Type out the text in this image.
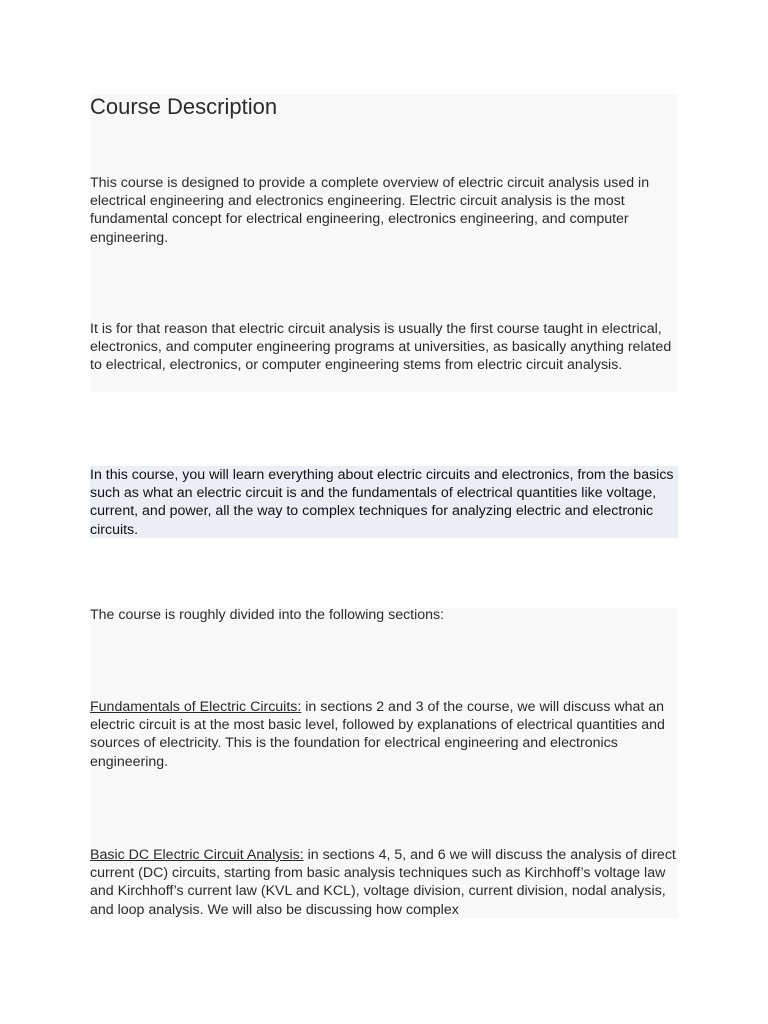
Course Description

This course is designed to provide a complete overview of electric circuit analysis used in electrical engineering and electronics engineering. Electric circuit analysis is the most fundamental concept for electrical engineering, electronics engineering, and computer engineering.

It is for that reason that electric circuit analysis is usually the first course taught in electrical, electronics, and computer engineering programs at universities, as basically anything related to electrical, electronics, or computer engineering stems from electric circuit analysis.

In this course, you will learn everything about electric circuits and electronics, from the basics such as what an electric circuit is and the fundamentals of electrical quantities like voltage, current, and power, all the way to complex techniques for analyzing electric and electronic circuits.

The course is roughly divided into the following sections:

Fundamentals of Electric Circuits: in sections 2 and 3 of the course, we will discuss what an electric circuit is at the most basic level, followed by explanations of electrical quantities and sources of electricity. This is the foundation for electrical engineering and electronics engineering.

Basic DC Electric Circuit Analysis: in sections 4, 5, and 6 we will discuss the analysis of direct current (DC) circuits, starting from basic analysis techniques such as Kirchhoff’s voltage law and Kirchhoff’s current law (KVL and KCL), voltage division, current division, nodal analysis, and loop analysis. We will also be discussing how complex
